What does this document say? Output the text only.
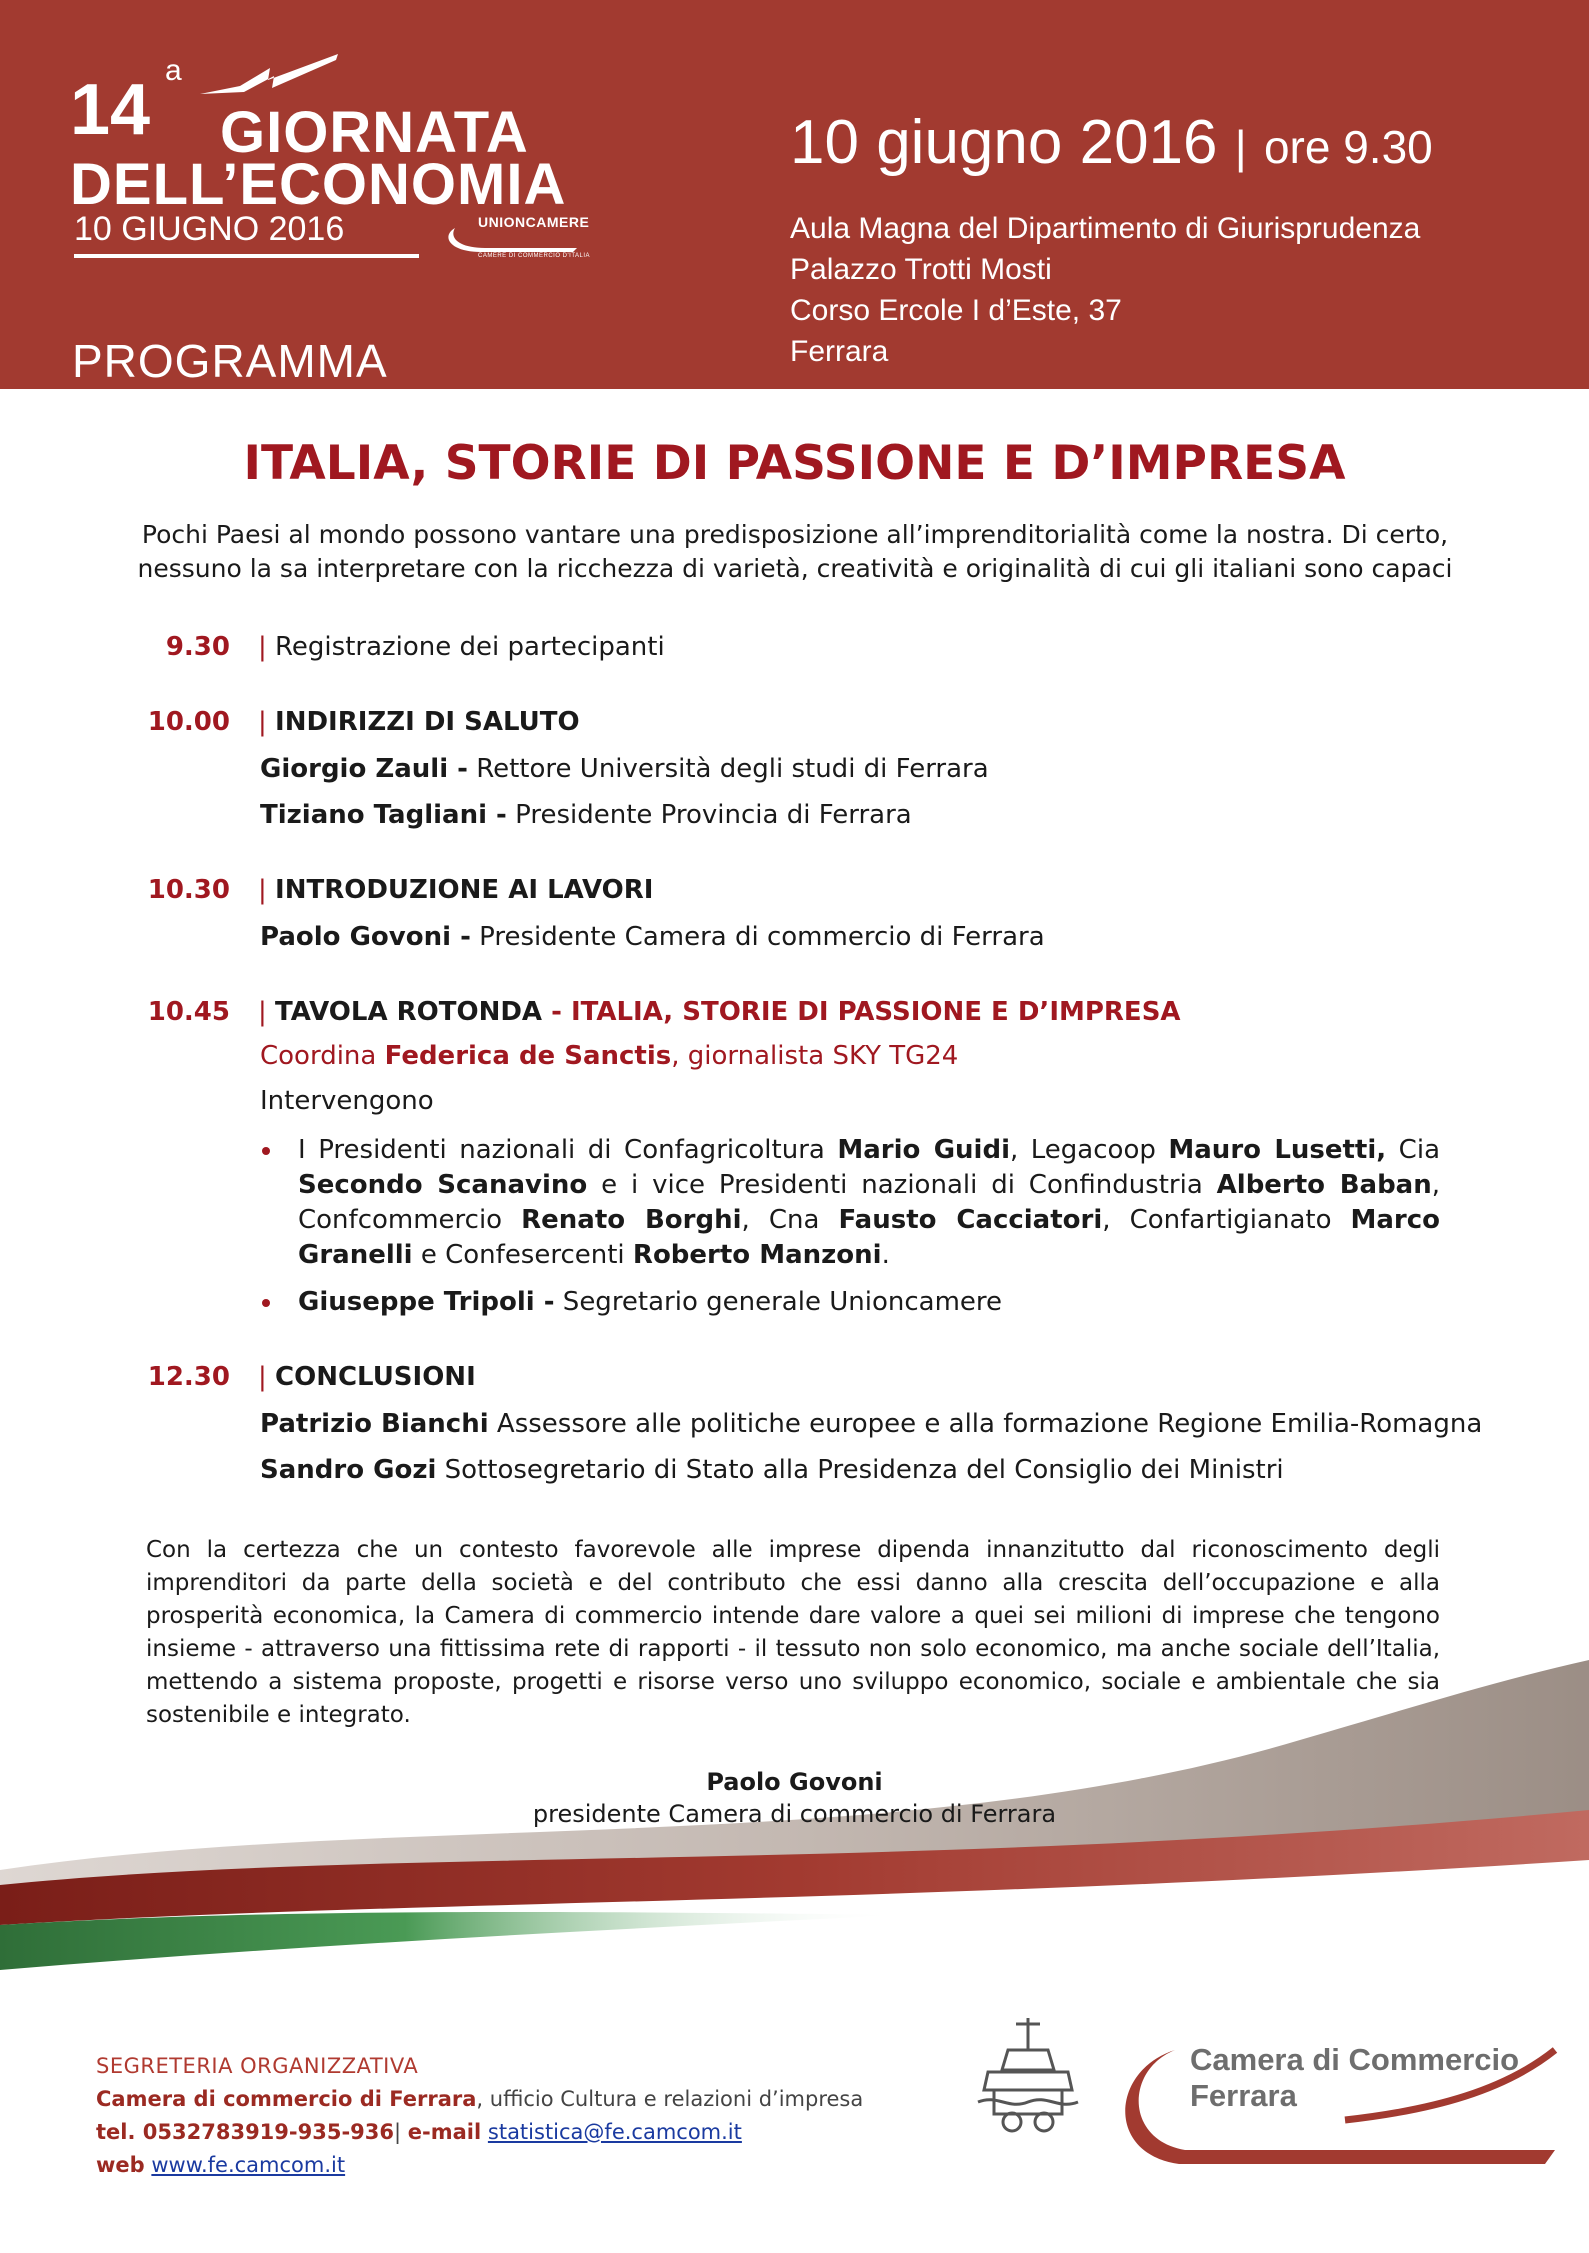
a
14 GIORNATA
DELL’ECONOMIA
10 GIUGNO 2016	UNIONCAMERE
CAMERE DI COMMERCIO D'ITALIA
PROGRAMMA
10 giugno 2016 | ore 9.30
Aula Magna del Dipartimento di Giurisprudenza
Palazzo Trotti Mosti
Corso Ercole I d’Este, 37
Ferrara
ITALIA, STORIE DI PASSIONE E D’IMPRESA
Pochi Paesi al mondo possono vantare una predisposizione all’imprenditorialità come la nostra. Di certo,
nessuno la sa interpretare con la ricchezza di varietà, creatività e originalità di cui gli italiani sono capaci
9.30 | Registrazione dei partecipanti
10.00 | INDIRIZZI DI SALUTO
Giorgio Zauli - Rettore Università degli studi di Ferrara
Tiziano Tagliani - Presidente Provincia di Ferrara
10.30 | INTRODUZIONE AI LAVORI
Paolo Govoni - Presidente Camera di commercio di Ferrara
10.45 | TAVOLA ROTONDA - ITALIA, STORIE DI PASSIONE E D’IMPRESA
Coordina Federica de Sanctis, giornalista SKY TG24
Intervengono
I Presidenti nazionali di Confagricoltura Mario Guidi, Legacoop Mauro Lusetti, Cia Secondo Scanavino e i vice Presidenti nazionali di Confindustria Alberto Baban, Confcommercio Renato Borghi, Cna Fausto Cacciatori, Confartigianato Marco Granelli e Confesercenti Roberto Manzoni.
Giuseppe Tripoli - Segretario generale Unioncamere
12.30 | CONCLUSIONI
Patrizio Bianchi Assessore alle politiche europee e alla formazione Regione Emilia-Romagna
Sandro Gozi Sottosegretario di Stato alla Presidenza del Consiglio dei Ministri
Con la certezza che un contesto favorevole alle imprese dipenda innanzitutto dal riconoscimento degli imprenditori da parte della società e del contributo che essi danno alla crescita dell’occupazione e alla prosperità economica, la Camera di commercio intende dare valore a quei sei milioni di imprese che tengono insieme - attraverso una fittissima rete di rapporti - il tessuto non solo economico, ma anche sociale dell’Italia, mettendo a sistema proposte, progetti e risorse verso uno sviluppo economico, sociale e ambientale che sia sostenibile e integrato.
Paolo Govoni
presidente Camera di commercio di Ferrara
SEGRETERIA ORGANIZZATIVA
Camera di commercio di Ferrara, ufficio Cultura e relazioni d’impresa
tel. 0532783919-935-936| e-mail statistica@fe.camcom.it
web www.fe.camcom.it
Camera di Commercio
Ferrara
